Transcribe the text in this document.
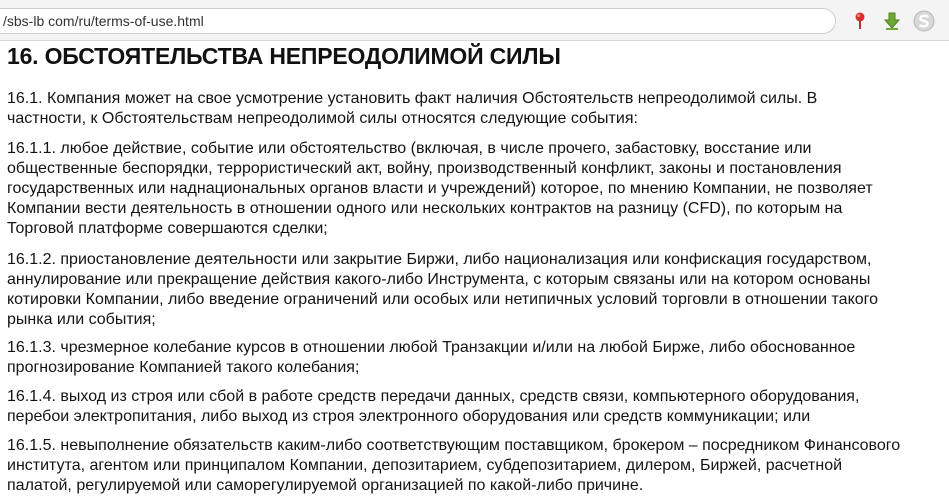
/sbs-lb com/ru/terms-of-use.html
16. ОБСТОЯТЕЛЬСТВА НЕПРЕОДОЛИМОЙ СИЛЫ

16.1. Компания может на свое усмотрение установить факт наличия Обстоятельств непреодолимой силы. В
частности, к Обстоятельствам непреодолимой силы относятся следующие события:

16.1.1. любое действие, событие или обстоятельство (включая, в числе прочего, забастовку, восстание или
общественные беспорядки, террористический акт, войну, производственный конфликт, законы и постановления
государственных или наднациональных органов власти и учреждений) которое, по мнению Компании, не позволяет
Компании вести деятельность в отношении одного или нескольких контрактов на разницу (CFD), по которым на
Торговой платформе совершаются сделки;

16.1.2. приостановление деятельности или закрытие Биржи, либо национализация или конфискация государством,
аннулирование или прекращение действия какого-либо Инструмента, с которым связаны или на котором основаны
котировки Компании, либо введение ограничений или особых или нетипичных условий торговли в отношении такого
рынка или события;

16.1.3. чрезмерное колебание курсов в отношении любой Транзакции и/или на любой Бирже, либо обоснованное
прогнозирование Компанией такого колебания;

16.1.4. выход из строя или сбой в работе средств передачи данных, средств связи, компьютерного оборудования,
перебои электропитания, либо выход из строя электронного оборудования или средств коммуникации; или

16.1.5. невыполнение обязательств каким-либо соответствующим поставщиком, брокером – посредником Финансового
института, агентом или принципалом Компании, депозитарием, субдепозитарием, дилером, Биржей, расчетной
палатой, регулируемой или саморегулируемой организацией по какой-либо причине.
